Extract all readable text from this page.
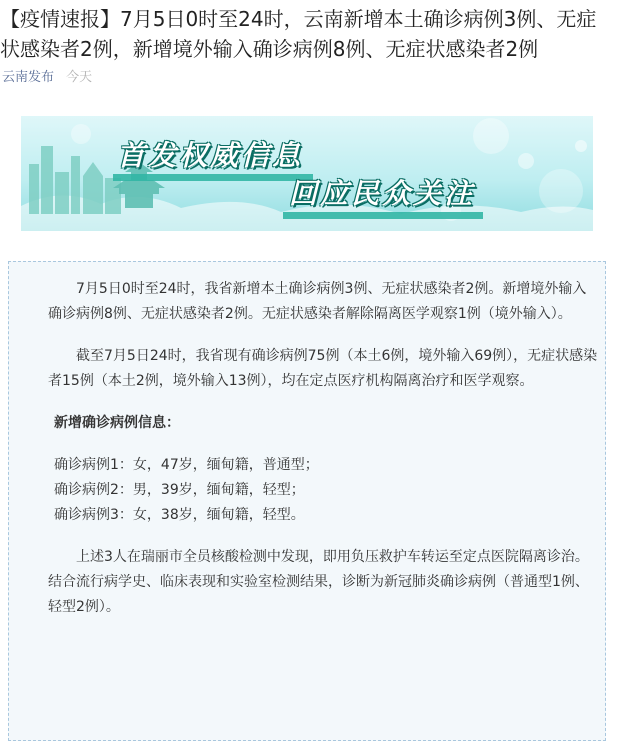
【疫情速报】7月5日0时至24时，云南新增本土确诊病例3例、无症状感染者2例，新增境外输入确诊病例8例、无症状感染者2例
云南发布 今天
首发权威信息
回应民众关注

7月5日0时至24时，我省新增本土确诊病例3例、无症状感染者2例。新增境外输入确诊病例8例、无症状感染者2例。无症状感染者解除隔离医学观察1例（境外输入）。

截至7月5日24时，我省现有确诊病例75例（本土6例，境外输入69例），无症状感染者15例（本土2例，境外输入13例），均在定点医疗机构隔离治疗和医学观察。

新增确诊病例信息：

确诊病例1：女，47岁，缅甸籍，普通型；

确诊病例2：男，39岁，缅甸籍，轻型；

确诊病例3：女，38岁，缅甸籍，轻型。

上述3人在瑞丽市全员核酸检测中发现，即用负压救护车转运至定点医院隔离诊治。结合流行病学史、临床表现和实验室检测结果，诊断为新冠肺炎确诊病例（普通型1例、轻型2例）。
